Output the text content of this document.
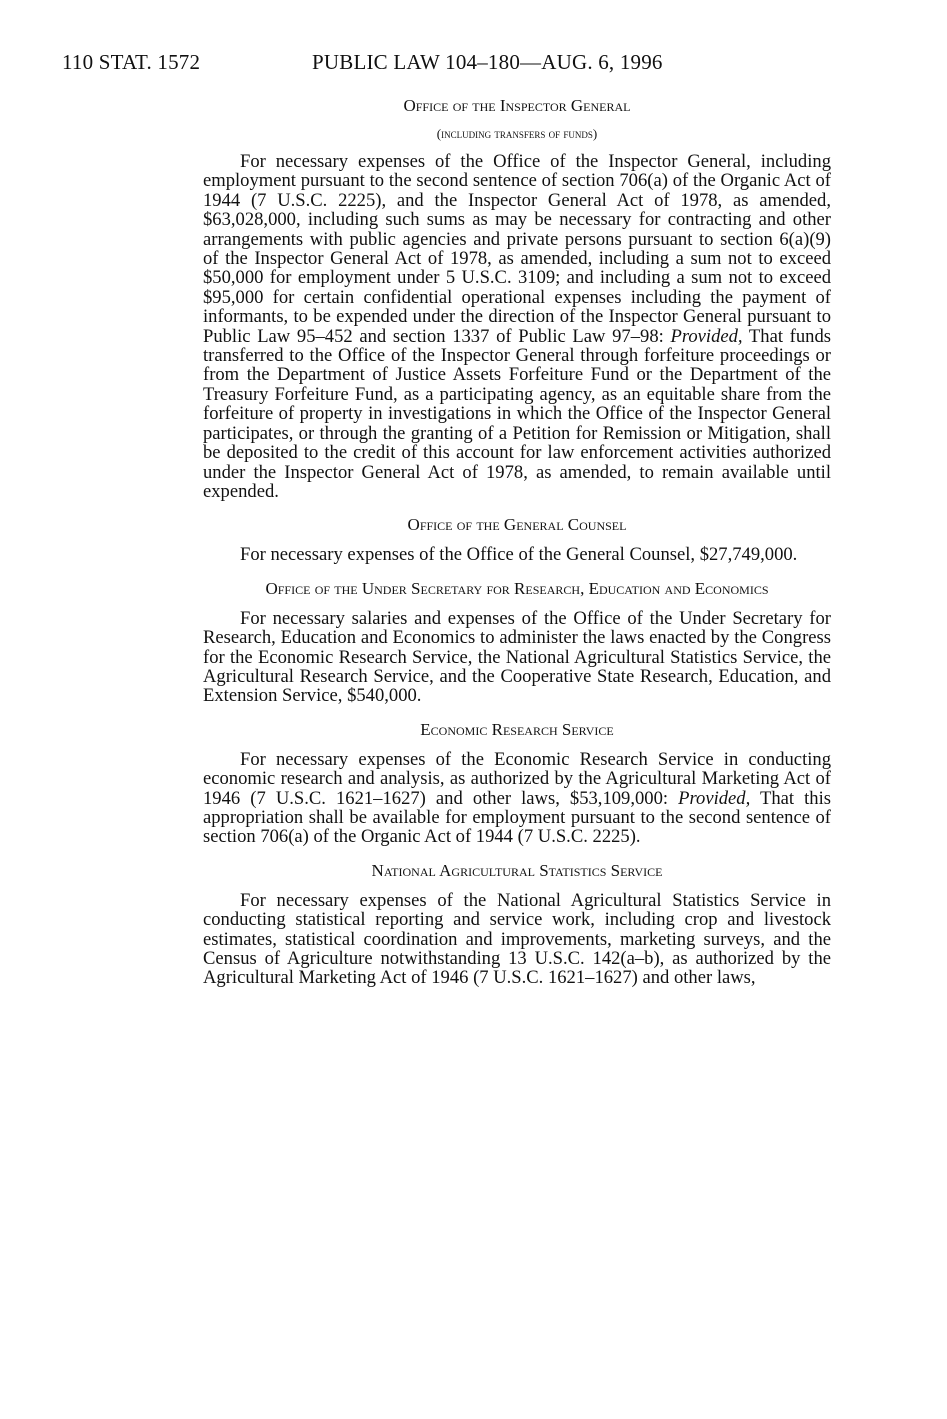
110 STAT. 1572	PUBLIC LAW 104–180—AUG. 6, 1996
Office of the Inspector General
(including transfers of funds)

For necessary expenses of the Office of the Inspector General, including employment pursuant to the second sentence of section 706(a) of the Organic Act of 1944 (7 U.S.C. 2225), and the Inspector General Act of 1978, as amended, $63,028,000, including such sums as may be necessary for contracting and other arrangements with public agencies and private persons pursuant to section 6(a)(9) of the Inspector General Act of 1978, as amended, including a sum not to exceed $50,000 for employment under 5 U.S.C. 3109; and including a sum not to exceed $95,000 for certain confidential operational expenses including the payment of informants, to be expended under the direction of the Inspector General pursuant to Public Law 95–452 and section 1337 of Public Law 97–98: Provided, That funds transferred to the Office of the Inspector General through forfeiture proceedings or from the Department of Justice Assets Forfeiture Fund or the Department of the Treasury Forfeiture Fund, as a participating agency, as an equitable share from the forfeiture of property in investigations in which the Office of the Inspector General participates, or through the granting of a Petition for Remission or Mitigation, shall be deposited to the credit of this account for law enforcement activities authorized under the Inspector General Act of 1978, as amended, to remain available until expended.

Office of the General Counsel

For necessary expenses of the Office of the General Counsel, $27,749,000.

Office of the Under Secretary for Research, Education and Economics

For necessary salaries and expenses of the Office of the Under Secretary for Research, Education and Economics to administer the laws enacted by the Congress for the Economic Research Service, the National Agricultural Statistics Service, the Agricultural Research Service, and the Cooperative State Research, Education, and Extension Service, $540,000.

Economic Research Service

For necessary expenses of the Economic Research Service in conducting economic research and analysis, as authorized by the Agricultural Marketing Act of 1946 (7 U.S.C. 1621–1627) and other laws, $53,109,000: Provided, That this appropriation shall be available for employment pursuant to the second sentence of section 706(a) of the Organic Act of 1944 (7 U.S.C. 2225).

National Agricultural Statistics Service

For necessary expenses of the National Agricultural Statistics Service in conducting statistical reporting and service work, including crop and livestock estimates, statistical coordination and improvements, marketing surveys, and the Census of Agriculture notwithstanding 13 U.S.C. 142(a–b), as authorized by the Agricultural Marketing Act of 1946 (7 U.S.C. 1621–1627) and other laws,
